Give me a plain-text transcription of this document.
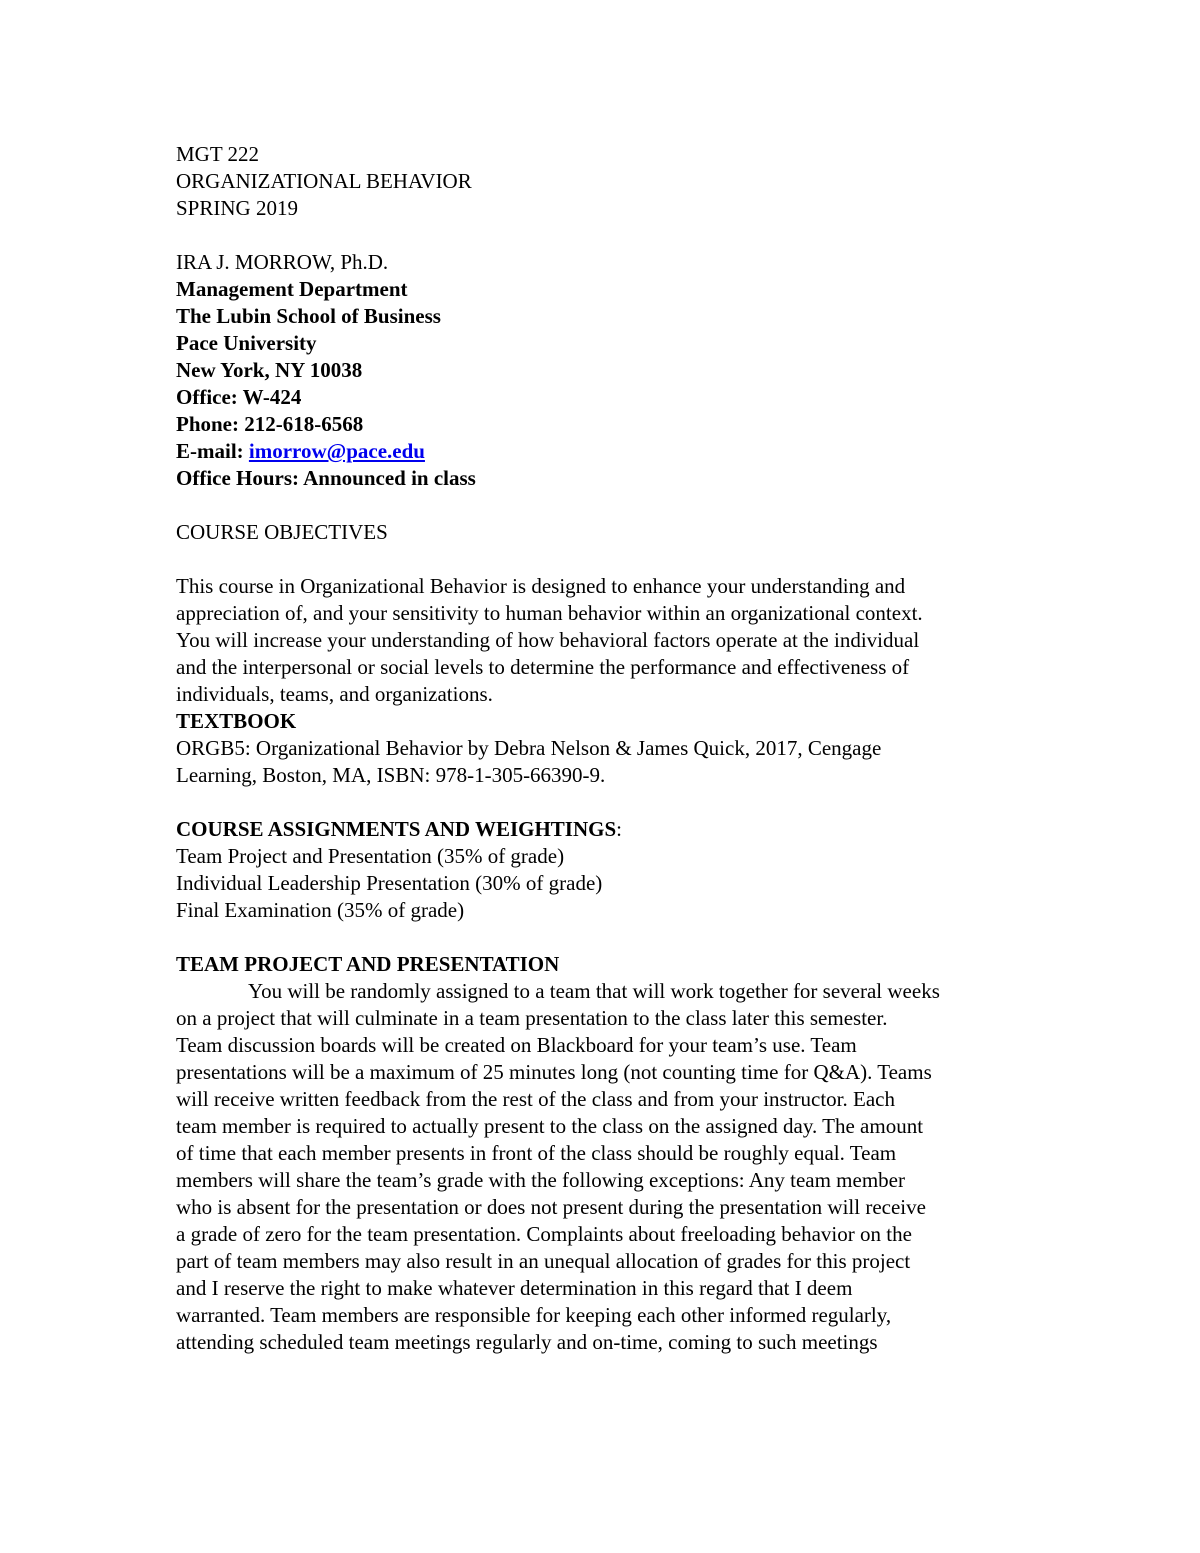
MGT 222
ORGANIZATIONAL BEHAVIOR
SPRING 2019
IRA J. MORROW, Ph.D.
Management Department
The Lubin School of Business
Pace University
New York, NY 10038
Office: W-424
Phone: 212-618-6568
E-mail: imorrow@pace.edu
Office Hours: Announced in class
COURSE OBJECTIVES
This course in Organizational Behavior is designed to enhance your understanding and
appreciation of, and your sensitivity to human behavior within an organizational context.
You will increase your understanding of how behavioral factors operate at the individual
and the interpersonal or social levels to determine the performance and effectiveness of
individuals, teams, and organizations.
TEXTBOOK
ORGB5: Organizational Behavior by Debra Nelson & James Quick, 2017, Cengage
Learning, Boston, MA, ISBN: 978-1-305-66390-9.
COURSE ASSIGNMENTS AND WEIGHTINGS:
Team Project and Presentation (35% of grade)
Individual Leadership Presentation (30% of grade)
Final Examination (35% of grade)
TEAM PROJECT AND PRESENTATION
You will be randomly assigned to a team that will work together for several weeks
on a project that will culminate in a team presentation to the class later this semester.
Team discussion boards will be created on Blackboard for your team’s use. Team
presentations will be a maximum of 25 minutes long (not counting time for Q&A). Teams
will receive written feedback from the rest of the class and from your instructor. Each
team member is required to actually present to the class on the assigned day. The amount
of time that each member presents in front of the class should be roughly equal. Team
members will share the team’s grade with the following exceptions: Any team member
who is absent for the presentation or does not present during the presentation will receive
a grade of zero for the team presentation. Complaints about freeloading behavior on the
part of team members may also result in an unequal allocation of grades for this project
and I reserve the right to make whatever determination in this regard that I deem
warranted. Team members are responsible for keeping each other informed regularly,
attending scheduled team meetings regularly and on-time, coming to such meetings
